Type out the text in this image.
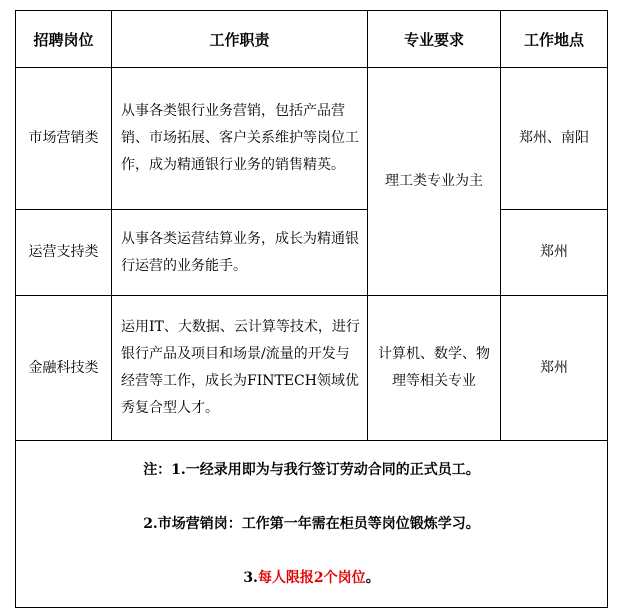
招聘岗位	工作职责	专业要求	工作地点
市场营销类	从事各类银行业务营销，包括产品营销、市场拓展、客户关系维护等岗位工作，成为精通银行业务的销售精英。	理工类专业为主	郑州、南阳
运营支持类	从事各类运营结算业务，成长为精通银行运营的业务能手。		郑州
金融科技类	运用IT、大数据、云计算等技术，进行银行产品及项目和场景/流量的开发与经营等工作，成长为FINTECH领域优秀复合型人才。	计算机、数学、物理等相关专业	郑州

注：1.一经录用即为与我行签订劳动合同的正式员工。
2.市场营销岗：工作第一年需在柜员等岗位锻炼学习。
3.每人限报2个岗位。			
